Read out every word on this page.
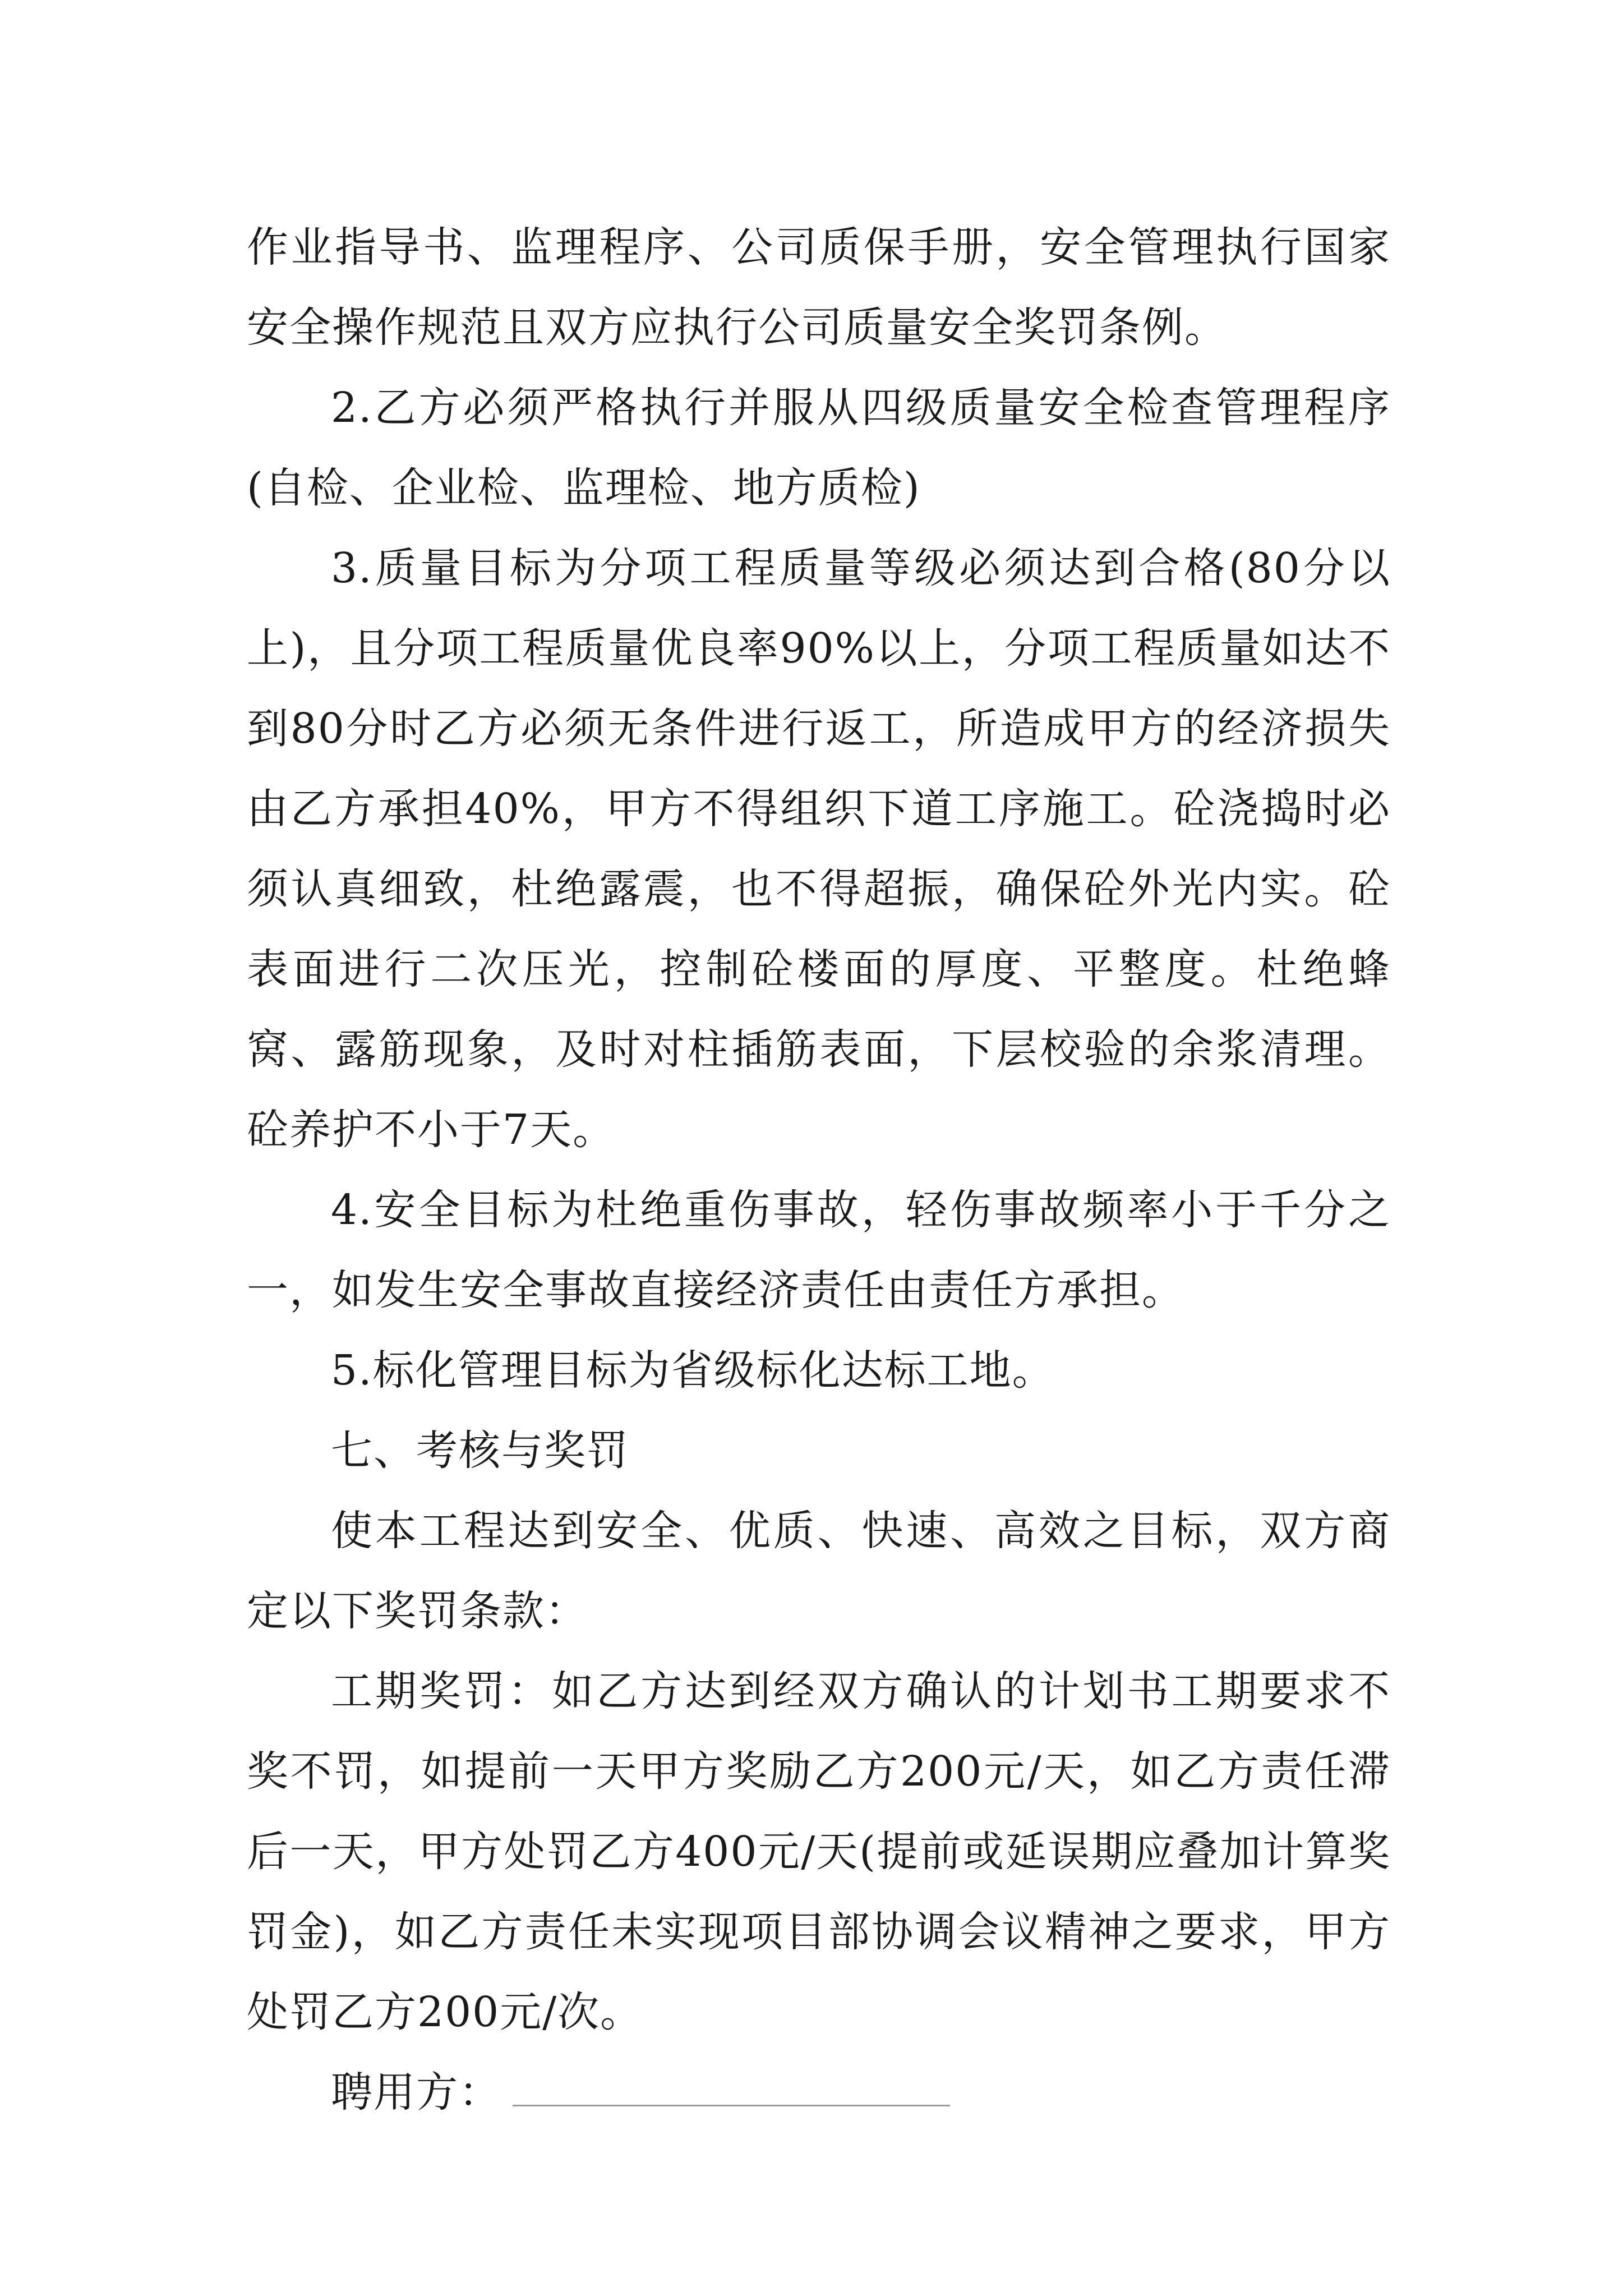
作业指导书、监理程序、公司质保手册，安全管理执行国家安全操作规范且双方应执行公司质量安全奖罚条例。

2.乙方必须严格执行并服从四级质量安全检查管理程序(自检、企业检、监理检、地方质检)

3.质量目标为分项工程质量等级必须达到合格(80分以上)，且分项工程质量优良率90%以上，分项工程质量如达不到80分时乙方必须无条件进行返工，所造成甲方的经济损失由乙方承担40%，甲方不得组织下道工序施工。砼浇捣时必须认真细致，杜绝露震，也不得超振，确保砼外光内实。砼表面进行二次压光，控制砼楼面的厚度、平整度。杜绝蜂窝、露筋现象，及时对柱插筋表面，下层校验的余浆清理。砼养护不小于7天。

4.安全目标为杜绝重伤事故，轻伤事故频率小于千分之一，如发生安全事故直接经济责任由责任方承担。

5.标化管理目标为省级标化达标工地。

七、考核与奖罚

使本工程达到安全、优质、快速、高效之目标，双方商定以下奖罚条款：

工期奖罚：如乙方达到经双方确认的计划书工期要求不奖不罚，如提前一天甲方奖励乙方200元/天，如乙方责任滞后一天，甲方处罚乙方400元/天(提前或延误期应叠加计算奖罚金)，如乙方责任未实现项目部协调会议精神之要求，甲方处罚乙方200元/次。

聘用方：
